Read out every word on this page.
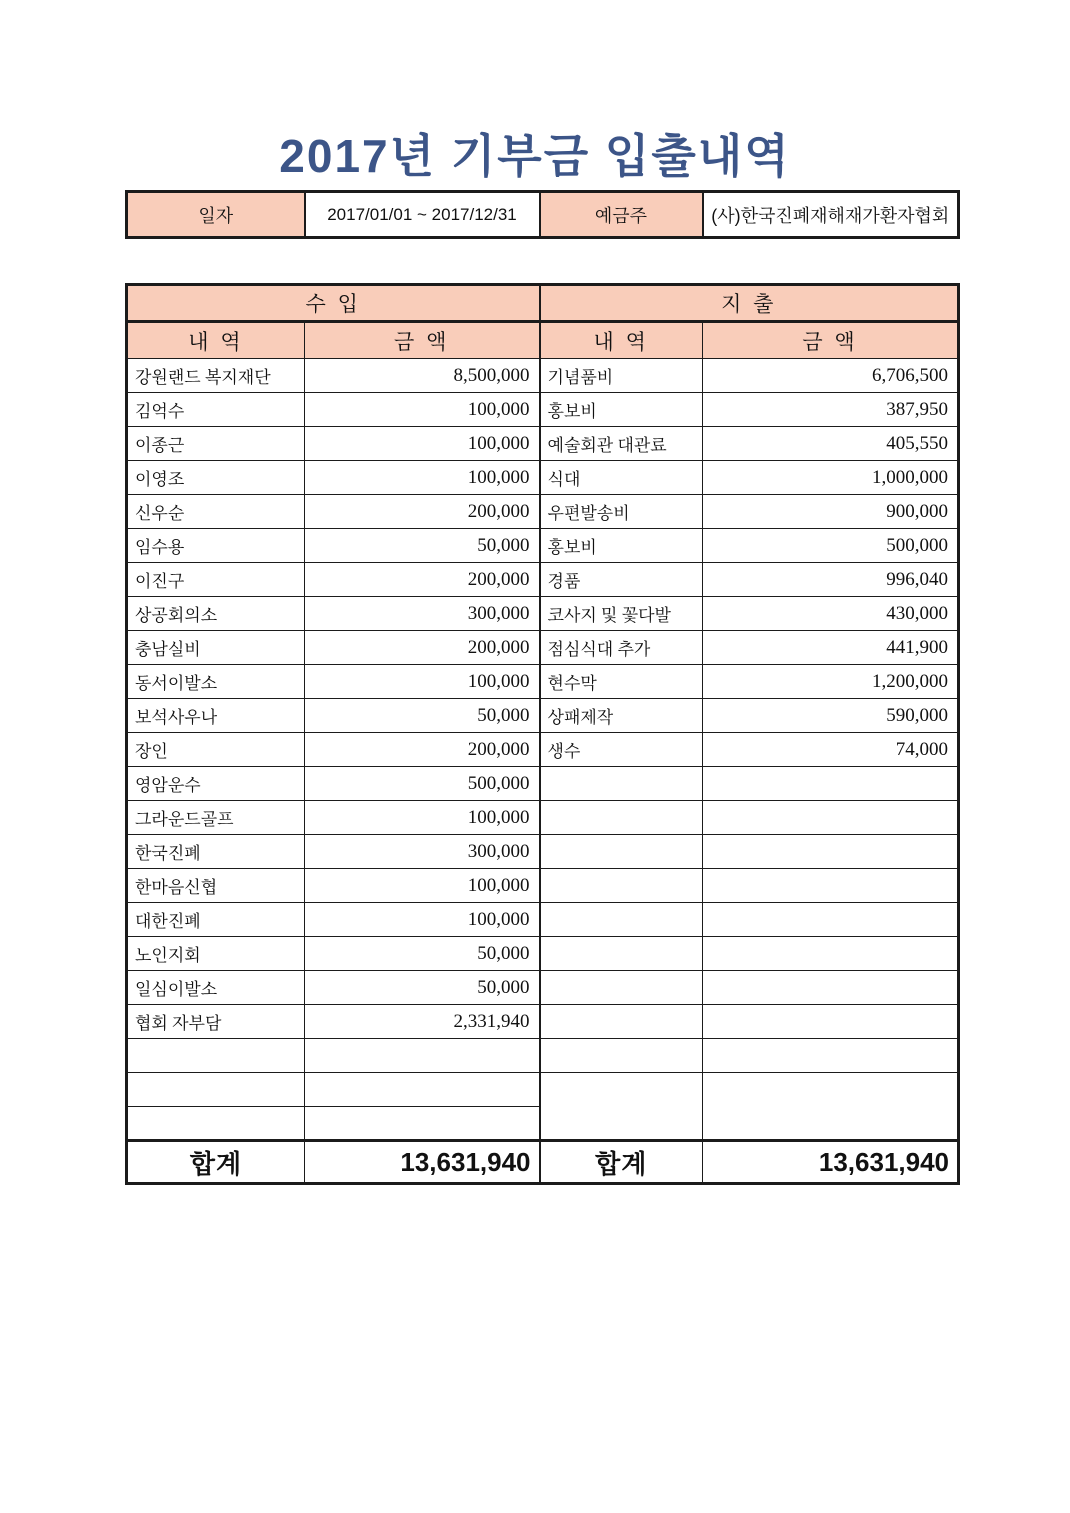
2017년 기부금 입출내역
일자	2017/01/01 ~ 2017/12/31	예금주	(사)한국진폐재해재가환자협회
수 입		지 출	
내 역	금 액	내 역	금 액
강원랜드 복지재단	8,500,000	기념품비	6,706,500
김억수	100,000	홍보비	387,950
이종근	100,000	예술회관 대관료	405,550
이영조	100,000	식대	1,000,000
신우순	200,000	우편발송비	900,000
임수용	50,000	홍보비	500,000
이진구	200,000	경품	996,040
상공회의소	300,000	코사지 및 꽃다발	430,000
충남실비	200,000	점심식대 추가	441,900
동서이발소	100,000	현수막	1,200,000
보석사우나	50,000	상패제작	590,000
장인	200,000	생수	74,000
영암운수	500,000		
그라운드골프	100,000		
한국진폐	300,000		
한마음신협	100,000		
대한진폐	100,000		
노인지회	50,000		
일심이발소	50,000		
협회 자부담	2,331,940		

합계	13,631,940	합계	13,631,940
